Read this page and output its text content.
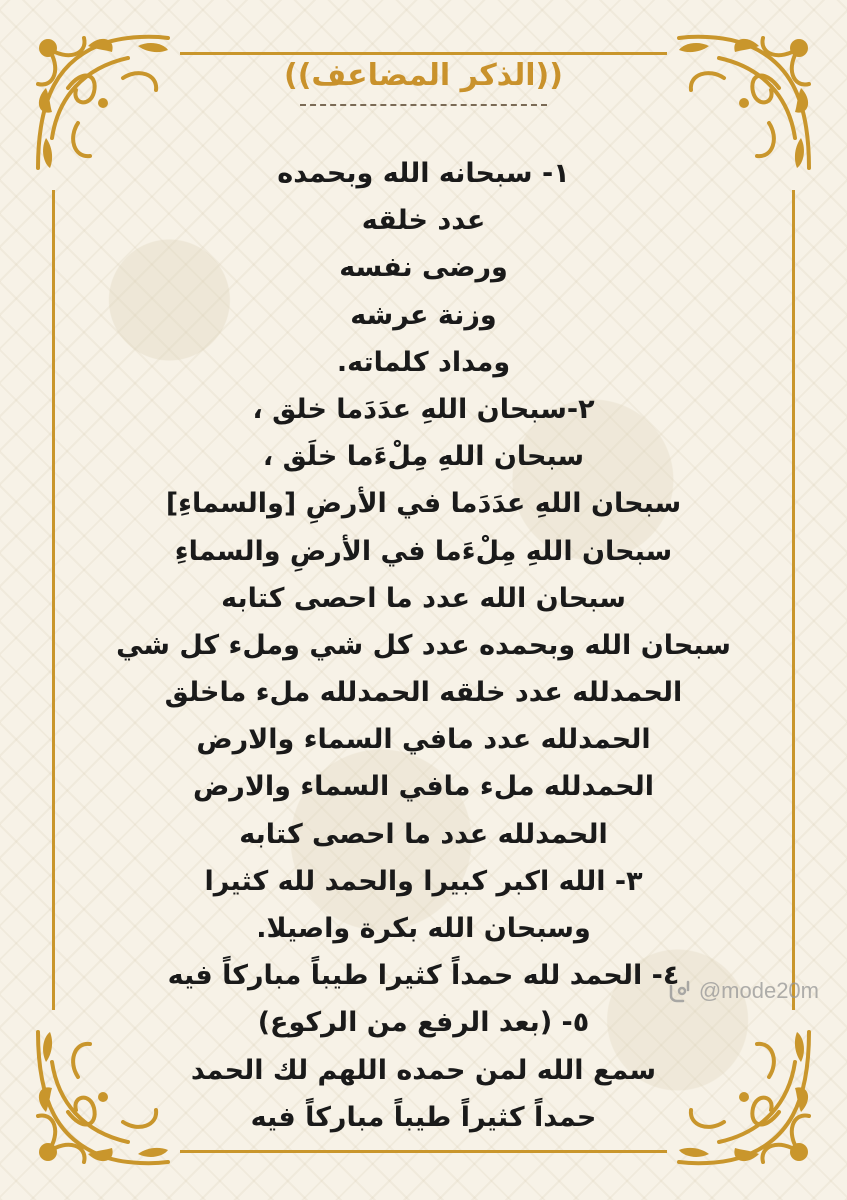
((الذكر المضاعف))
١- سبحانه الله وبحمده
عدد خلقه
ورضى نفسه
وزنة عرشه
ومداد كلماته.
٢-سبحان اللهِ عدَدَما خلق ،
سبحان اللهِ مِلْءَما خلَق ،
سبحان اللهِ عدَدَما في الأرضِ [والسماءِ]
سبحان اللهِ مِلْءَما في الأرضِ والسماءِ
سبحان الله عدد ما احصى كتابه
سبحان الله وبحمده عدد كل شي وملء كل شي
الحمدلله عدد خلقه الحمدلله ملء ماخلق
الحمدلله عدد مافي السماء والارض
الحمدلله ملء مافي السماء والارض
الحمدلله عدد ما احصى كتابه
٣- الله اكبر كبيرا والحمد لله كثيرا
وسبحان الله بكرة واصيلا.
٤- الحمد لله حمداً كثيرا طيباً مباركاً فيه
٥- (بعد الرفع من الركوع)
سمع الله لمن حمده اللهم لك الحمد
حمداً كثيراً طيباً مباركاً فيه
@mode20m
